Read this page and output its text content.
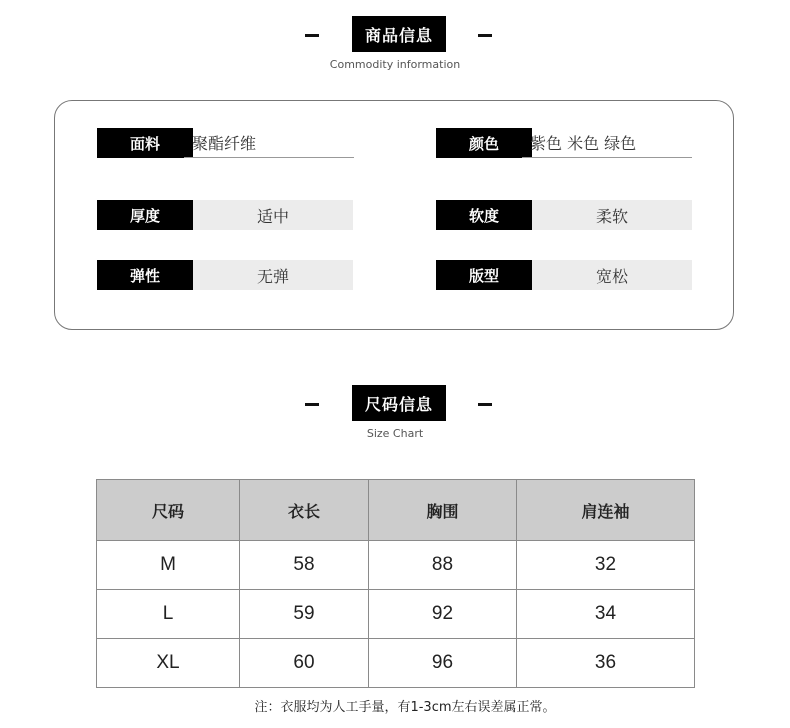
商品信息
Commodity information
面料	聚酯纤维	颜色	紫色 米色 绿色
厚度	适中	软度	柔软
弹性	无弹	版型	宽松
尺码信息
Size Chart
尺码	衣长	胸围	肩连袖
M	58	88	32
L	59	92	34
XL	60	96	36
注：衣服均为人工手量，有1-3cm左右误差属正常。
